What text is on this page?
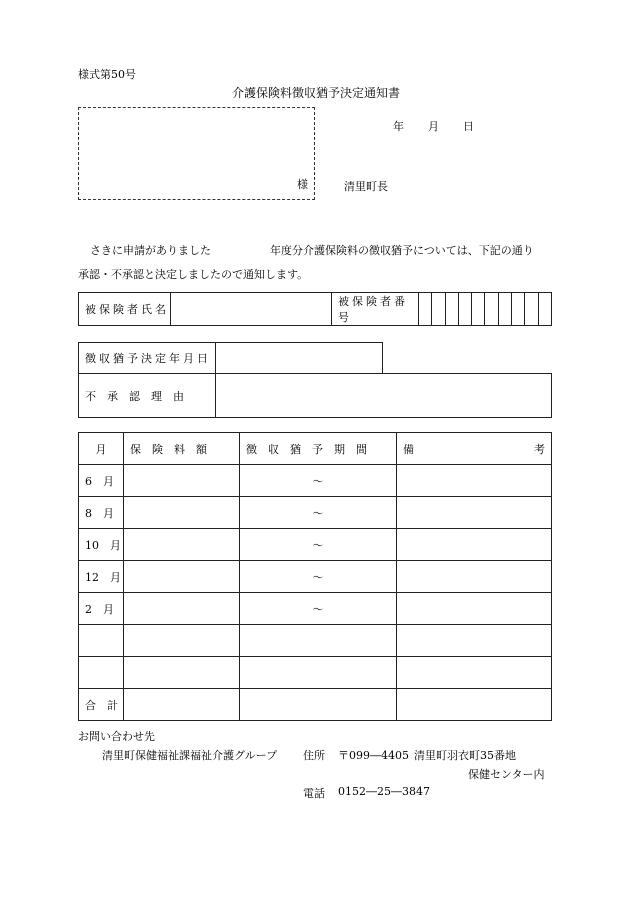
様式第50号
介護保険料徴収猶予決定通知書
様
年 月 日
清里町長
さきに申請がありました	年度分介護保険料の徴収猶予については、下記の通り
承認・不承認と決定しましたので通知します。
被保険者氏名		被保険者番号										
徴収猶予決定年月日	
不　承　認　理　由	
月	保　険　料　額	徴　収　猶　予　期　間	備 考

6　月		～	
8　月		～	
10　月		～	
12　月		～	
2　月		～	

合　計			
お問い合わせ先
清里町保健福祉課福祉介護グループ 住所 〒099―4405 清里町羽衣町35番地
保健センター内
電話 0152―25―3847
